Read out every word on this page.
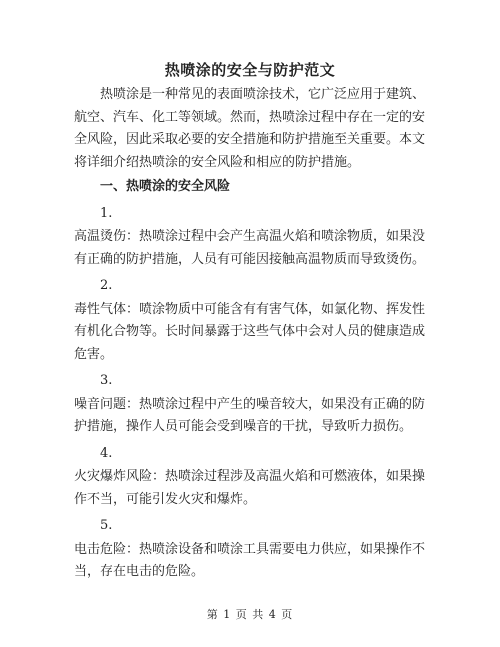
热喷涂的安全与防护范文

热喷涂是一种常见的表面喷涂技术，它广泛应用于建筑、航空、汽车、化工等领域。然而，热喷涂过程中存在一定的安全风险，因此采取必要的安全措施和防护措施至关重要。本文将详细介绍热喷涂的安全风险和相应的防护措施。

一、热喷涂的安全风险

1.

高温烫伤：热喷涂过程中会产生高温火焰和喷涂物质，如果没有正确的防护措施，人员有可能因接触高温物质而导致烫伤。

2.

毒性气体：喷涂物质中可能含有有害气体，如氯化物、挥发性有机化合物等。长时间暴露于这些气体中会对人员的健康造成危害。

3.

噪音问题：热喷涂过程中产生的噪音较大，如果没有正确的防护措施，操作人员可能会受到噪音的干扰，导致听力损伤。

4.

火灾爆炸风险：热喷涂过程涉及高温火焰和可燃液体，如果操作不当，可能引发火灾和爆炸。

5.

电击危险：热喷涂设备和喷涂工具需要电力供应，如果操作不当，存在电击的危险。

第 1 页 共 4 页
